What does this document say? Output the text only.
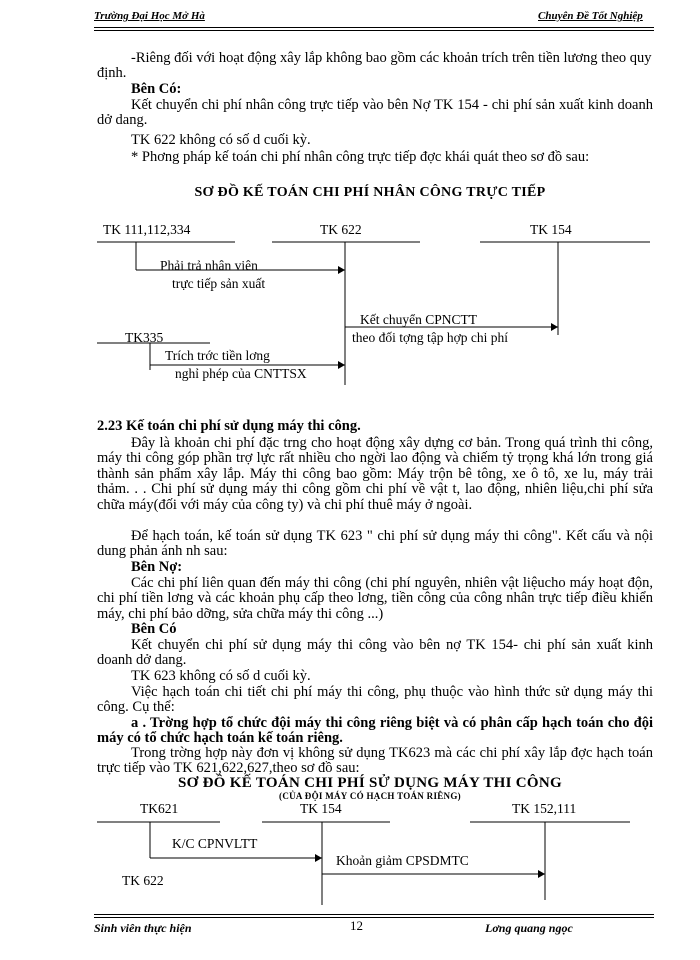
Trường Đại Học Mở Hà	Chuyên Đề Tốt Nghiệp
-Riêng đối với hoạt động xây lắp không bao gồm các khoản trích trên tiền lương theo quy định.
Bên Có:
Kết chuyển chi phí nhân công trực tiếp vào bên Nợ TK 154 - chi phí sản xuất kinh doanh dở dang.
TK 622 không có số d cuối kỳ.
* Phơng pháp kế toán chi phí nhân công trực tiếp đợc khái quát theo sơ đồ sau:
SƠ ĐỒ KẾ TOÁN CHI PHÍ NHÂN CÔNG TRỰC TIẾP
TK 111,112,334	TK 622	TK 154
TK335
Phải trả nhân viên
trực tiếp sản xuất
Kết chuyển CPNCTT
theo đối tợng tập hợp chi phí
Trích trớc tiền lơng
nghỉ phép của CNTTSX
2.23 Kế toán chi phí sử dụng máy thi công.
Đây là khoản chi phí đặc trng cho hoạt động xây dựng cơ bản. Trong quá trình thi công, máy thi công góp phần trợ lực rất nhiều cho ngời lao động và chiếm tỷ trọng khá lớn trong giá thành sản phẩm xây lắp. Máy thi công bao gồm: Máy trộn bê tông, xe ô tô, xe lu, máy trải thảm. . . Chi phí sử dụng máy thi công gồm chi phí về vật t, lao động, nhiên liệu,chi phí sửa chữa máy(đối với máy của công ty) và chi phí thuê máy ở ngoài.
Để hạch toán, kế toán sử dụng TK 623 " chi phí sử dụng máy thi công". Kết cấu và nội dung phản ánh nh sau:
Bên Nợ:
Các chi phí liên quan đến máy thi công (chi phí nguyên, nhiên vật liệucho máy hoạt độn, chi phí tiền lơng và các khoản phụ cấp theo lơng, tiền công của công nhân trực tiếp điều khiển máy, chi phí bảo dỡng, sửa chữa máy thi công ...)
Bên Có
Kết chuyển chi phí sử dụng máy thi công vào bên nợ TK 154- chi phí sản xuất kinh doanh dở dang.
TK 623 không có số d cuối kỳ.
Việc hạch toán chi tiết chi phí máy thi công, phụ thuộc vào hình thức sử dụng máy thi công. Cụ thể:
a . Trờng hợp tổ chức đội máy thi công riêng biệt và có phân cấp hạch toán cho đội máy có tổ chức hạch toán kế toán riêng.
Trong trờng hợp này đơn vị không sử dụng TK623 mà các chi phí xây lắp đợc hạch toán trực tiếp vào TK 621,622,627,theo sơ đồ sau:
SƠ ĐỒ KẾ TOÁN CHI PHÍ SỬ DỤNG MÁY THI CÔNG
(CỦA ĐỘI MÁY CÓ HẠCH TOÁN RIÊNG)
TK621	TK 154	TK 152,111
TK 622
K/C CPNVLTT
Khoản giảm CPSDMTC
Sinh viên thực hiện	12	Lơng quang ngọc
